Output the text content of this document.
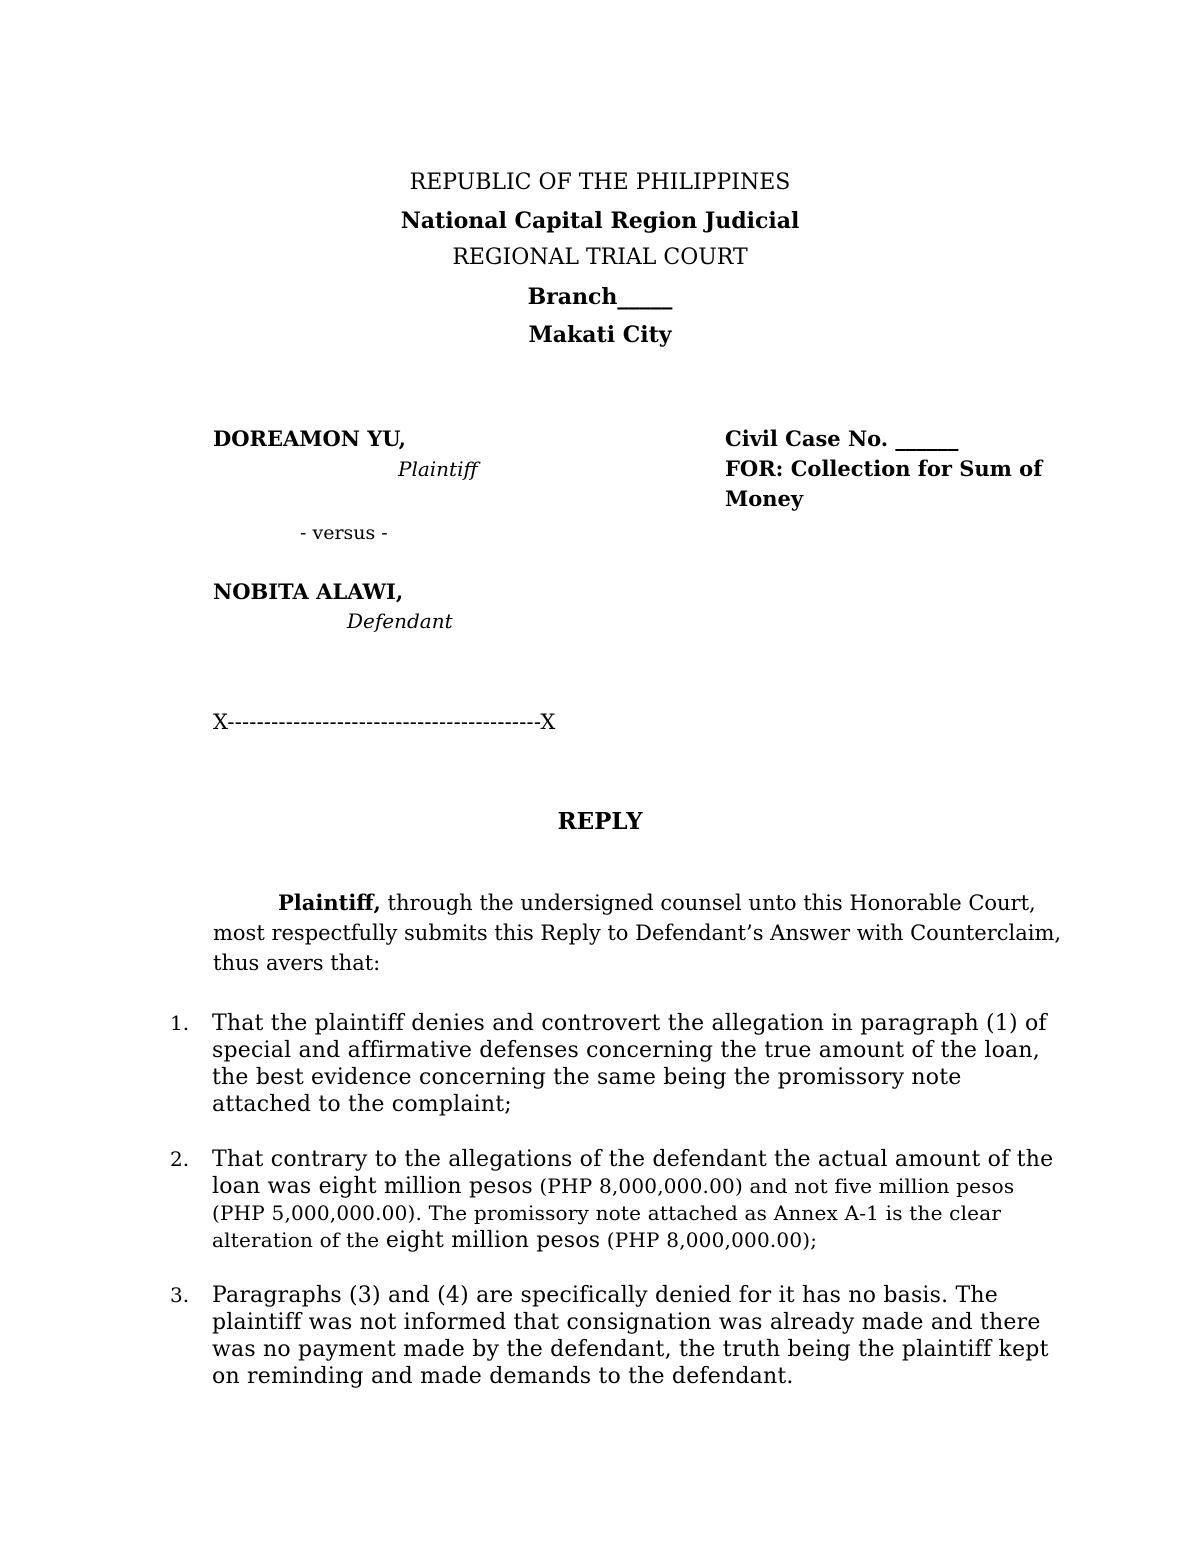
REPUBLIC OF THE PHILIPPINES
National Capital Region Judicial
REGIONAL TRIAL COURT
Branch_____
Makati City
DOREAMON YU,
Plaintiff
- versus -
NOBITA ALAWI,
Defendant
Civil Case No. ______
FOR: Collection for Sum of
Money
X-------------------------------------------X
REPLY
Plaintiff, through the undersigned counsel unto this Honorable Court, most respectfully submits this Reply to Defendant’s Answer with Counterclaim, thus avers that:
1.	That the plaintiff denies and controvert the allegation in paragraph (1) of special and affirmative defenses concerning the true amount of the loan, the best evidence concerning the same being the promissory note attached to the complaint;
2.	That contrary to the allegations of the defendant the actual amount of the loan was eight million pesos (PHP 8,000,000.00) and not five million pesos (PHP 5,000,000.00). The promissory note attached as Annex A-1 is the clear alteration of the eight million pesos (PHP 8,000,000.00);
3.	Paragraphs (3) and (4) are specifically denied for it has no basis. The plaintiff was not informed that consignation was already made and there was no payment made by the defendant, the truth being the plaintiff kept on reminding and made demands to the defendant.
